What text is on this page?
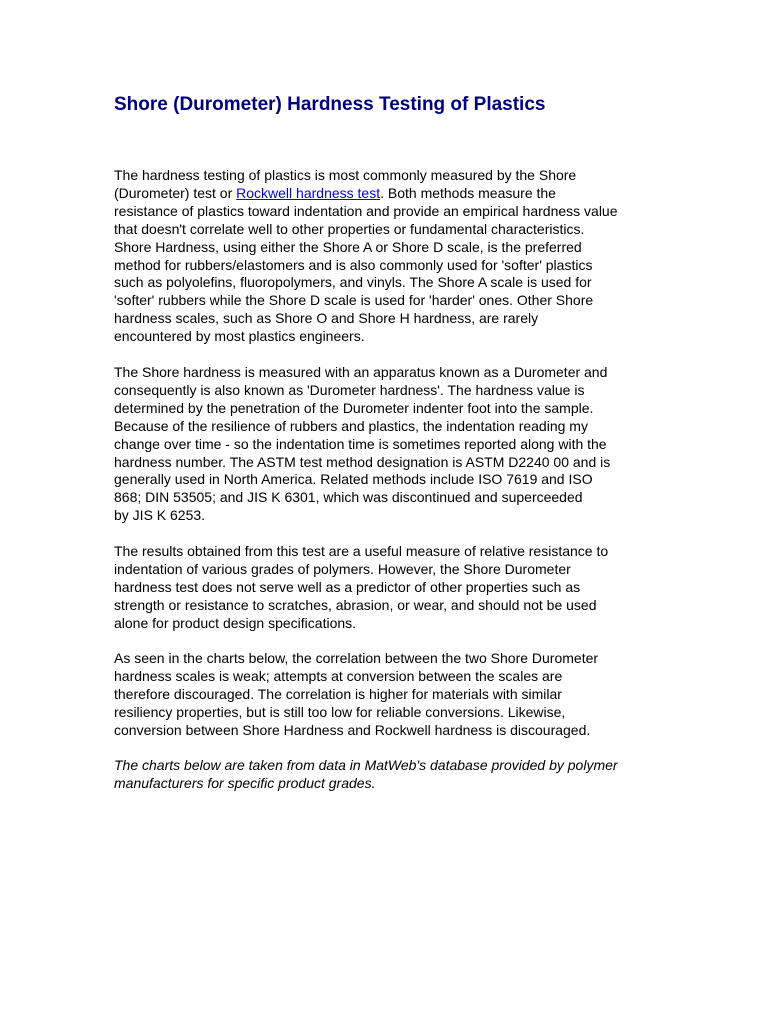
Shore (Durometer) Hardness Testing of Plastics

The hardness testing of plastics is most commonly measured by the Shore
(Durometer) test or Rockwell hardness test. Both methods measure the
resistance of plastics toward indentation and provide an empirical hardness value
that doesn't correlate well to other properties or fundamental characteristics.
Shore Hardness, using either the Shore A or Shore D scale, is the preferred
method for rubbers/elastomers and is also commonly used for 'softer' plastics
such as polyolefins, fluoropolymers, and vinyls. The Shore A scale is used for
'softer' rubbers while the Shore D scale is used for 'harder' ones. Other Shore
hardness scales, such as Shore O and Shore H hardness, are rarely
encountered by most plastics engineers.

The Shore hardness is measured with an apparatus known as a Durometer and
consequently is also known as 'Durometer hardness'. The hardness value is
determined by the penetration of the Durometer indenter foot into the sample.
Because of the resilience of rubbers and plastics, the indentation reading my
change over time - so the indentation time is sometimes reported along with the
hardness number. The ASTM test method designation is ASTM D2240 00 and is
generally used in North America. Related methods include ISO 7619 and ISO
868; DIN 53505; and JIS K 6301, which was discontinued and superceeded
by JIS K 6253.

The results obtained from this test are a useful measure of relative resistance to
indentation of various grades of polymers. However, the Shore Durometer
hardness test does not serve well as a predictor of other properties such as
strength or resistance to scratches, abrasion, or wear, and should not be used
alone for product design specifications.

As seen in the charts below, the correlation between the two Shore Durometer
hardness scales is weak; attempts at conversion between the scales are
therefore discouraged. The correlation is higher for materials with similar
resiliency properties, but is still too low for reliable conversions. Likewise,
conversion between Shore Hardness and Rockwell hardness is discouraged.

The charts below are taken from data in MatWeb's database provided by polymer
manufacturers for specific product grades.
